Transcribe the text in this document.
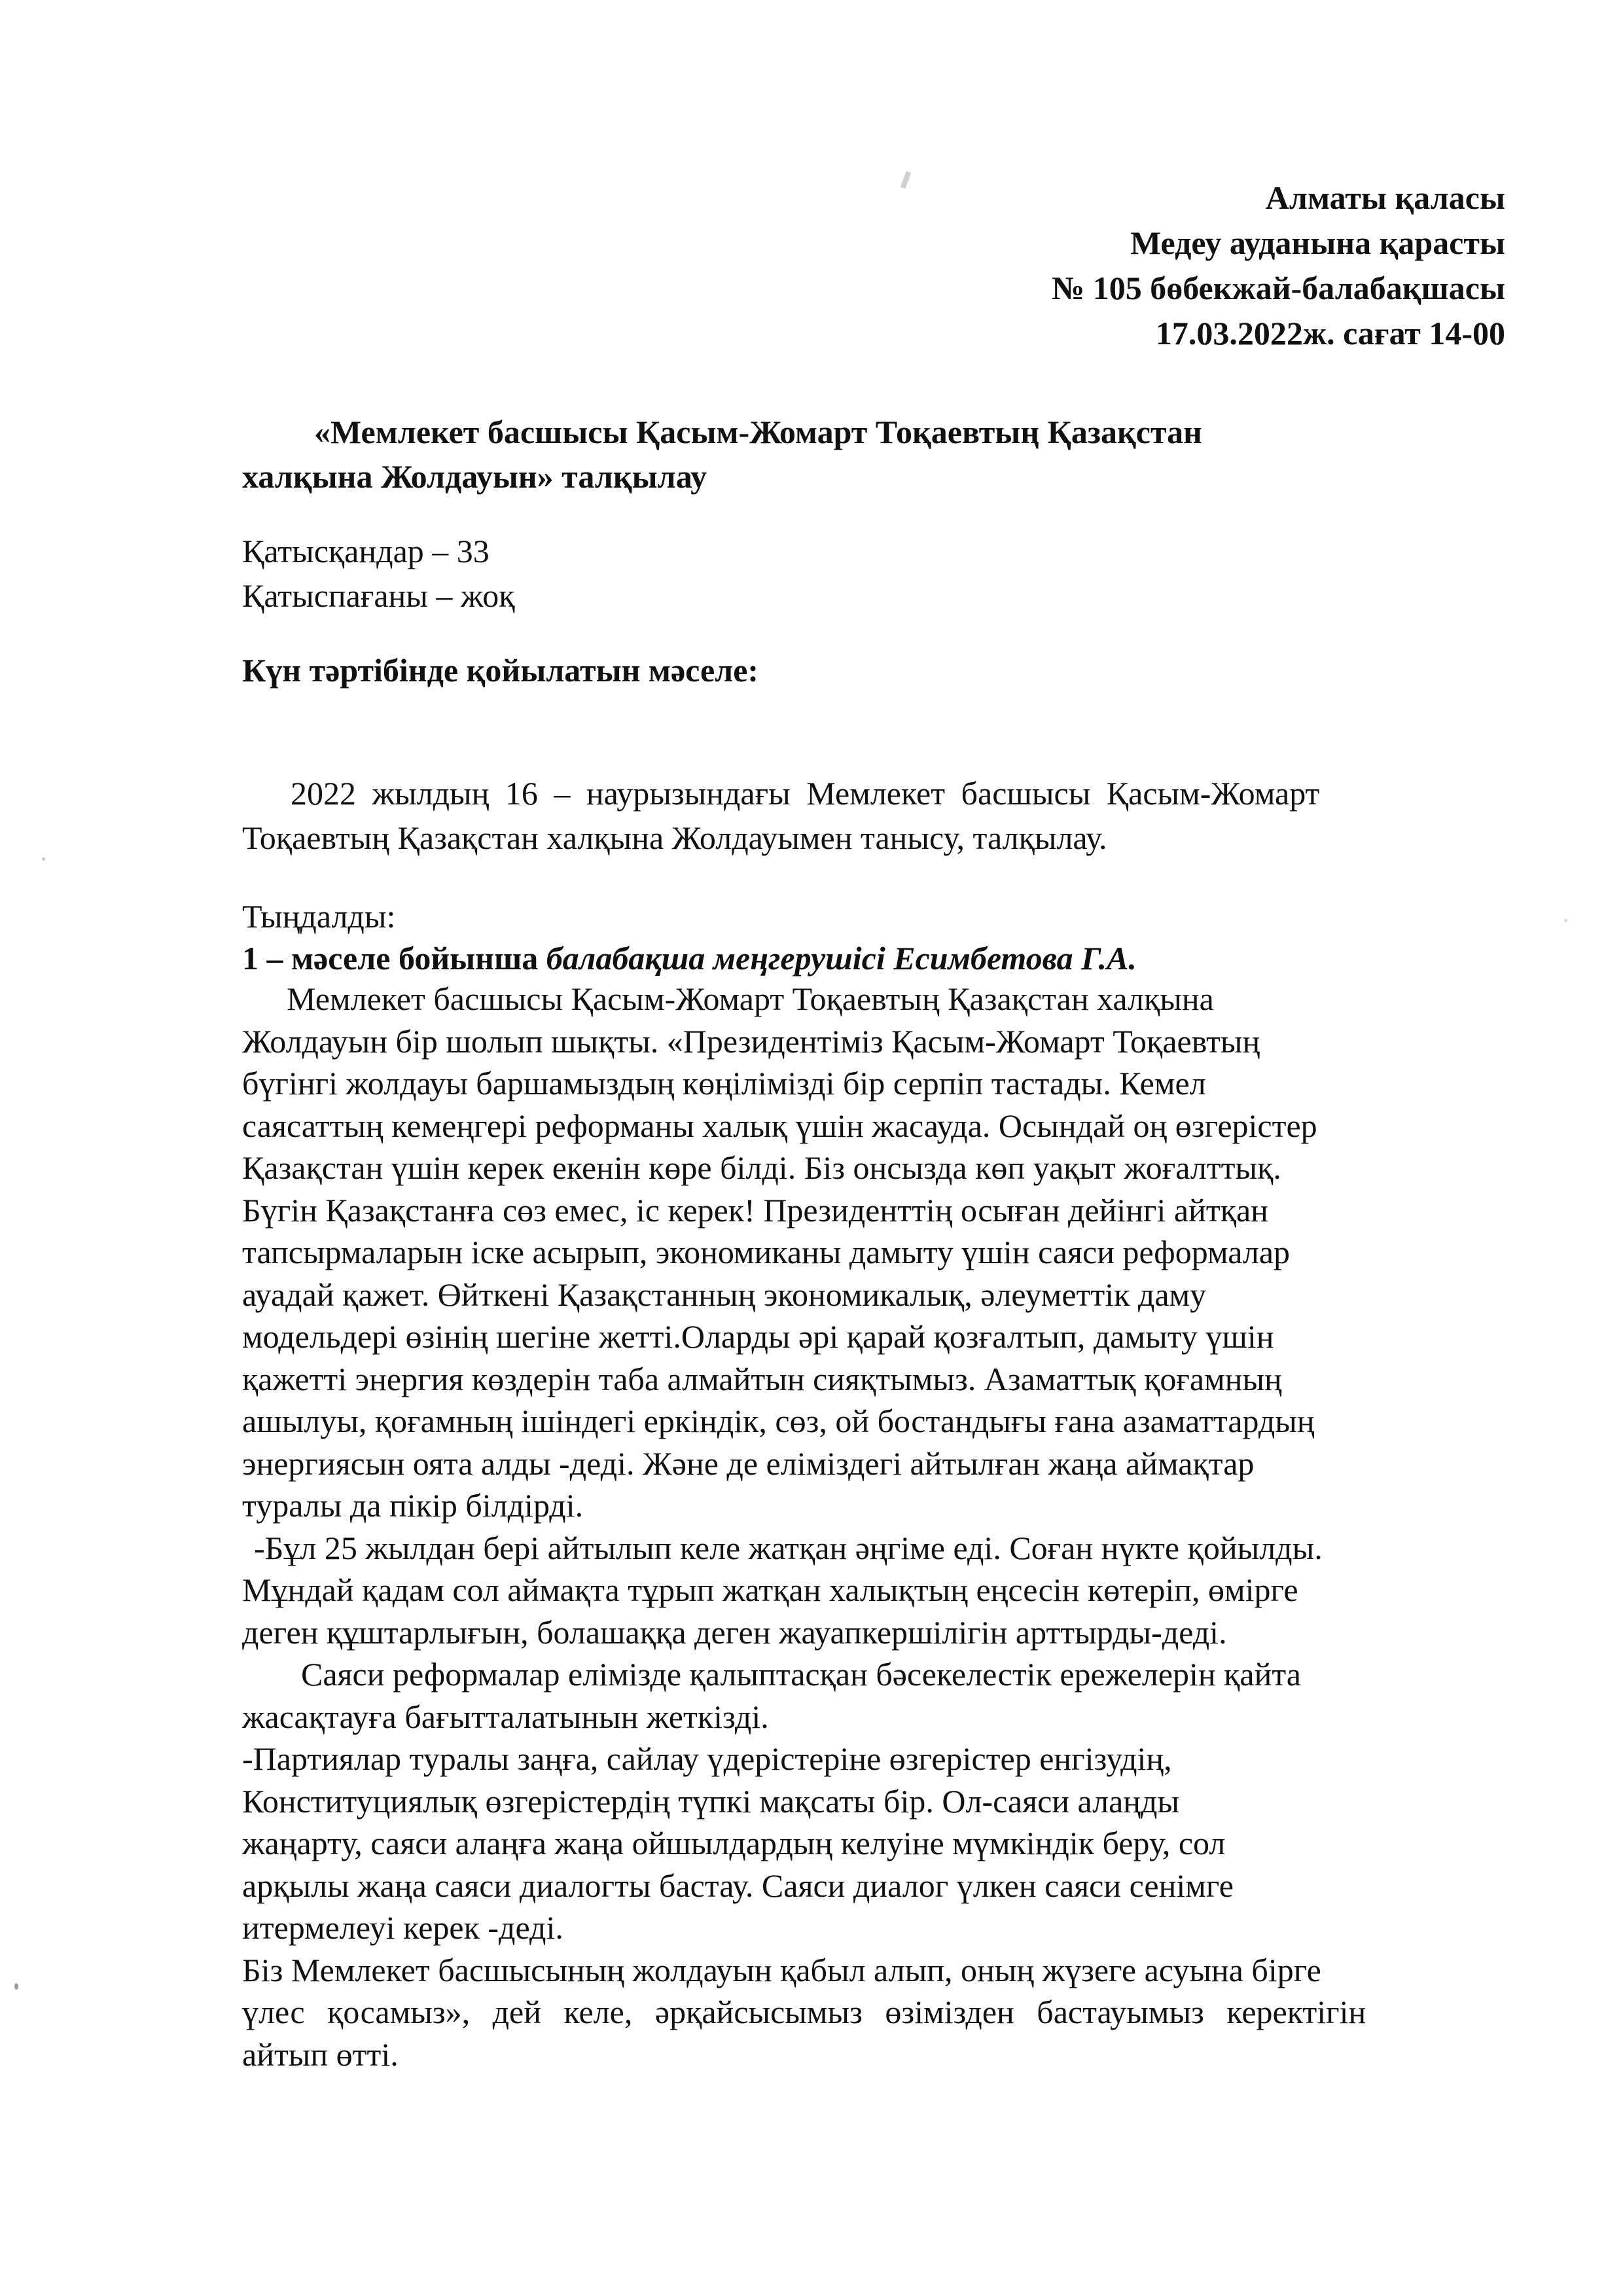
Алматы қаласы
Медеу ауданына қарасты
№ 105 бөбекжай-балабақшасы
17.03.2022ж. сағат 14-00
«Мемлекет басшысы Қасым-Жомарт Тоқаевтың Қазақстан
халқына Жолдауын» талқылау
Қатысқандар – 33
Қатыспағаны – жоқ
Күн тәртібінде қойылатын мәселе:
2022 жылдың 16 – наурызындағы Мемлекет басшысы Қасым-Жомарт
Тоқаевтың Қазақстан халқына Жолдауымен танысу, талқылау.
Тыңдалды:
1 – мәселе бойынша балабақша меңгерушісі Есимбетова Г.А.
Мемлекет басшысы Қасым-Жомарт Тоқаевтың Қазақстан халқына
Жолдауын бір шолып шықты. «Президентіміз Қасым-Жомарт Тоқаевтың
бүгінгі жолдауы баршамыздың көңілімізді бір серпіп тастады. Кемел
саясаттың кемеңгері реформаны халық үшін жасауда. Осындай оң өзгерістер
Қазақстан үшін керек екенін көре білді. Біз онсызда көп уақыт жоғалттық.
Бүгін Қазақстанға сөз емес, іс керек! Президенттің осыған дейінгі айтқан
тапсырмаларын іске асырып, экономиканы дамыту үшін саяси реформалар
ауадай қажет. Өйткені Қазақстанның экономикалық, әлеуметтік даму
модельдері өзінің шегіне жетті.Оларды әрі қарай қозғалтып, дамыту үшін
қажетті энергия көздерін таба алмайтын сияқтымыз. Азаматтық қоғамның
ашылуы, қоғамның ішіндегі еркіндік, сөз, ой бостандығы ғана азаматтардың
энергиясын оята алды -деді. Және де еліміздегі айтылған жаңа аймақтар
туралы да пікір білдірді.
-Бұл 25 жылдан бері айтылып келе жатқан әңгіме еді. Соған нүкте қойылды.
Мұндай қадам сол аймақта тұрып жатқан халықтың еңсесін көтеріп, өмірге
деген құштарлығын, болашаққа деген жауапкершілігін арттырды-деді.
Саяси реформалар елімізде қалыптасқан бәсекелестік ережелерін қайта
жасақтауға бағытталатынын жеткізді.
-Партиялар туралы заңға, сайлау үдерістеріне өзгерістер енгізудің,
Конституциялық өзгерістердің түпкі мақсаты бір. Ол-саяси алаңды
жаңарту, саяси алаңға жаңа ойшылдардың келуіне мүмкіндік беру, сол
арқылы жаңа саяси диалогты бастау. Саяси диалог үлкен саяси сенімге
итермелеуі керек -деді.
Біз Мемлекет басшысының жолдауын қабыл алып, оның жүзеге асуына бірге
үлес қосамыз», дей келе, әрқайсысымыз өзімізден бастауымыз керектігін
айтып өтті.
